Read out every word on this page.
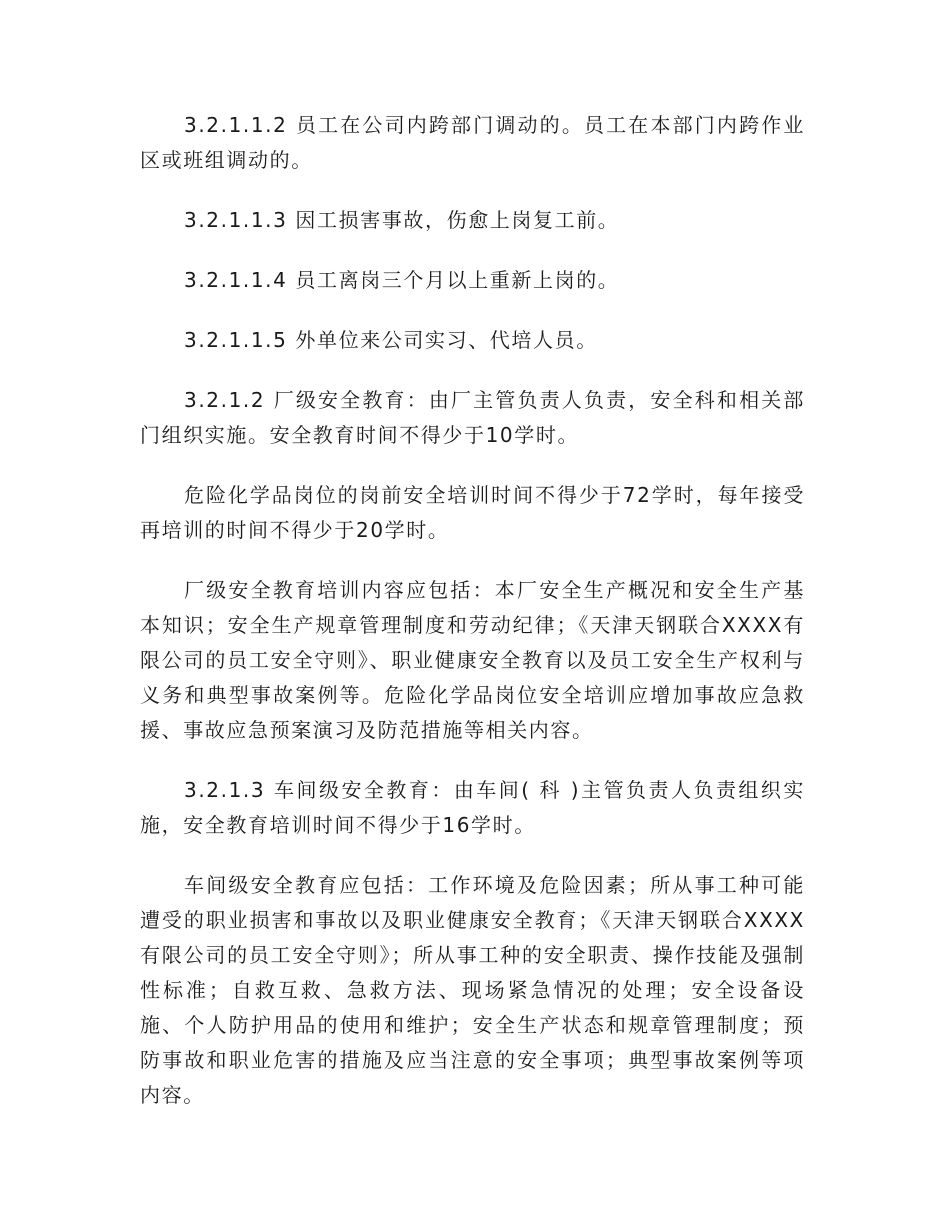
3.2.1.1.2 员工在公司内跨部门调动的。员工在本部门内跨作业区或班组调动的。

3.2.1.1.3 因工损害事故，伤愈上岗复工前。

3.2.1.1.4 员工离岗三个月以上重新上岗的。

3.2.1.1.5 外单位来公司实习、代培人员。

3.2.1.2 厂级安全教育：由厂主管负责人负责，安全科和相关部门组织实施。安全教育时间不得少于10学时。

危险化学品岗位的岗前安全培训时间不得少于72学时，每年接受再培训的时间不得少于20学时。

厂级安全教育培训内容应包括：本厂安全生产概况和安全生产基本知识；安全生产规章管理制度和劳动纪律；《天津天钢联合XXXX有限公司的员工安全守则》、职业健康安全教育以及员工安全生产权利与义务和典型事故案例等。危险化学品岗位安全培训应增加事故应急救援、事故应急预案演习及防范措施等相关内容。

3.2.1.3 车间级安全教育：由车间( 科 )主管负责人负责组织实施，安全教育培训时间不得少于16学时。

车间级安全教育应包括：工作环境及危险因素；所从事工种可能遭受的职业损害和事故以及职业健康安全教育；《天津天钢联合XXXX有限公司的员工安全守则》；所从事工种的安全职责、操作技能及强制性标准；自救互救、急救方法、现场紧急情况的处理；安全设备设施、个人防护用品的使用和维护；安全生产状态和规章管理制度；预防事故和职业危害的措施及应当注意的安全事项；典型事故案例等项内容。
